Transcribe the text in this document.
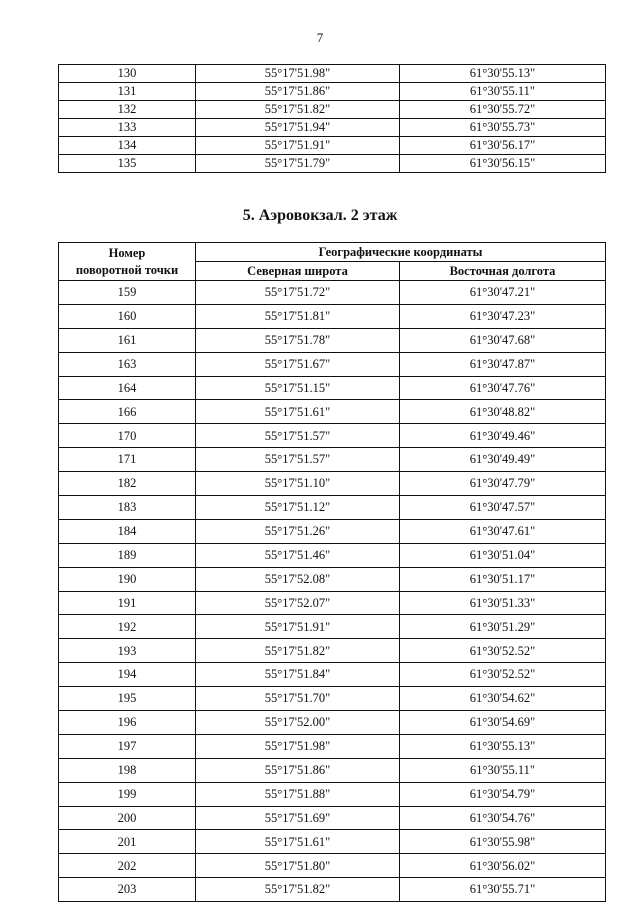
7
130	55°17'51.98"	61°30'55.13"
131	55°17'51.86"	61°30'55.11"
132	55°17'51.82"	61°30'55.72"
133	55°17'51.94"	61°30'55.73"
134	55°17'51.91"	61°30'56.17"
135	55°17'51.79"	61°30'56.15"
5. Аэровокзал. 2 этаж
Номер
поворотной точки	Географические координаты	
	Северная широта	Восточная долгота
159	55°17'51.72"	61°30'47.21"
160	55°17'51.81"	61°30'47.23"
161	55°17'51.78"	61°30'47.68"
163	55°17'51.67"	61°30'47.87"
164	55°17'51.15"	61°30'47.76"
166	55°17'51.61"	61°30'48.82"
170	55°17'51.57"	61°30'49.46"
171	55°17'51.57"	61°30'49.49"
182	55°17'51.10"	61°30'47.79"
183	55°17'51.12"	61°30'47.57"
184	55°17'51.26"	61°30'47.61"
189	55°17'51.46"	61°30'51.04"
190	55°17'52.08"	61°30'51.17"
191	55°17'52.07"	61°30'51.33"
192	55°17'51.91"	61°30'51.29"
193	55°17'51.82"	61°30'52.52"
194	55°17'51.84"	61°30'52.52"
195	55°17'51.70"	61°30'54.62"
196	55°17'52.00"	61°30'54.69"
197	55°17'51.98"	61°30'55.13"
198	55°17'51.86"	61°30'55.11"
199	55°17'51.88"	61°30'54.79"
200	55°17'51.69"	61°30'54.76"
201	55°17'51.61"	61°30'55.98"
202	55°17'51.80"	61°30'56.02"
203	55°17'51.82"	61°30'55.71"
